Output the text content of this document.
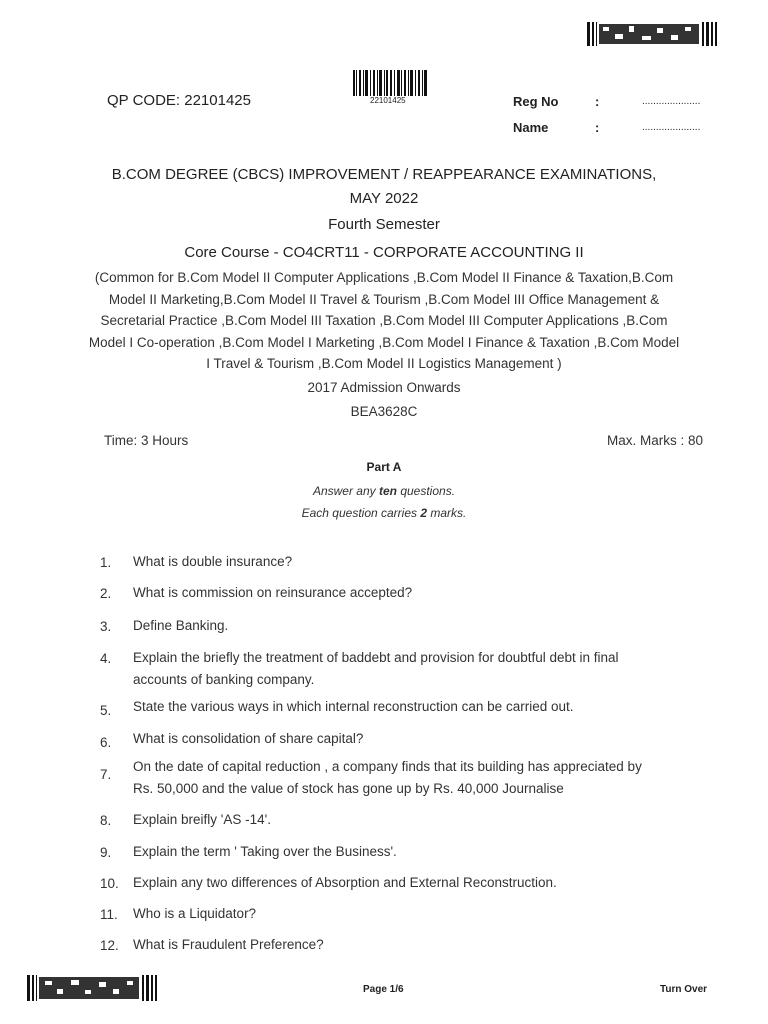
22101425
QP CODE: 22101425	Reg No	:	.....................
Name	:	.....................
B.COM DEGREE (CBCS) IMPROVEMENT / REAPPEARANCE EXAMINATIONS,
MAY 2022
Fourth Semester
Core Course - CO4CRT11 - CORPORATE ACCOUNTING II
(Common for B.Com Model II Computer Applications ,B.Com Model II Finance & Taxation,B.Com
Model II Marketing,B.Com Model II Travel & Tourism ,B.Com Model III Office Management &
Secretarial Practice ,B.Com Model III Taxation ,B.Com Model III Computer Applications ,B.Com
Model I Co-operation ,B.Com Model I Marketing ,B.Com Model I Finance & Taxation ,B.Com Model
I Travel & Tourism ,B.Com Model II Logistics Management )
2017 Admission Onwards
BEA3628C
Time: 3 Hours	Max. Marks : 80
Part A
Answer any ten questions.
Each question carries 2 marks.
1.	What is double insurance?
2.	What is commission on reinsurance accepted?
3.	Define Banking.
4.	Explain the briefly the treatment of baddebt and provision for doubtful debt in final
accounts of banking company.
5.	State the various ways in which internal reconstruction can be carried out.
6.	What is consolidation of share capital?
7.
On the date of capital reduction , a company finds that its building has appreciated by
Rs. 50,000 and the value of stock has gone up by Rs. 40,000 Journalise
8.	Explain breifly 'AS -14'.
9.	Explain the term ' Taking over the Business'.
10. Explain any two differences of Absorption and External Reconstruction.
11. Who is a Liquidator?
12. What is Fraudulent Preference?
Page 1/6	Turn Over
